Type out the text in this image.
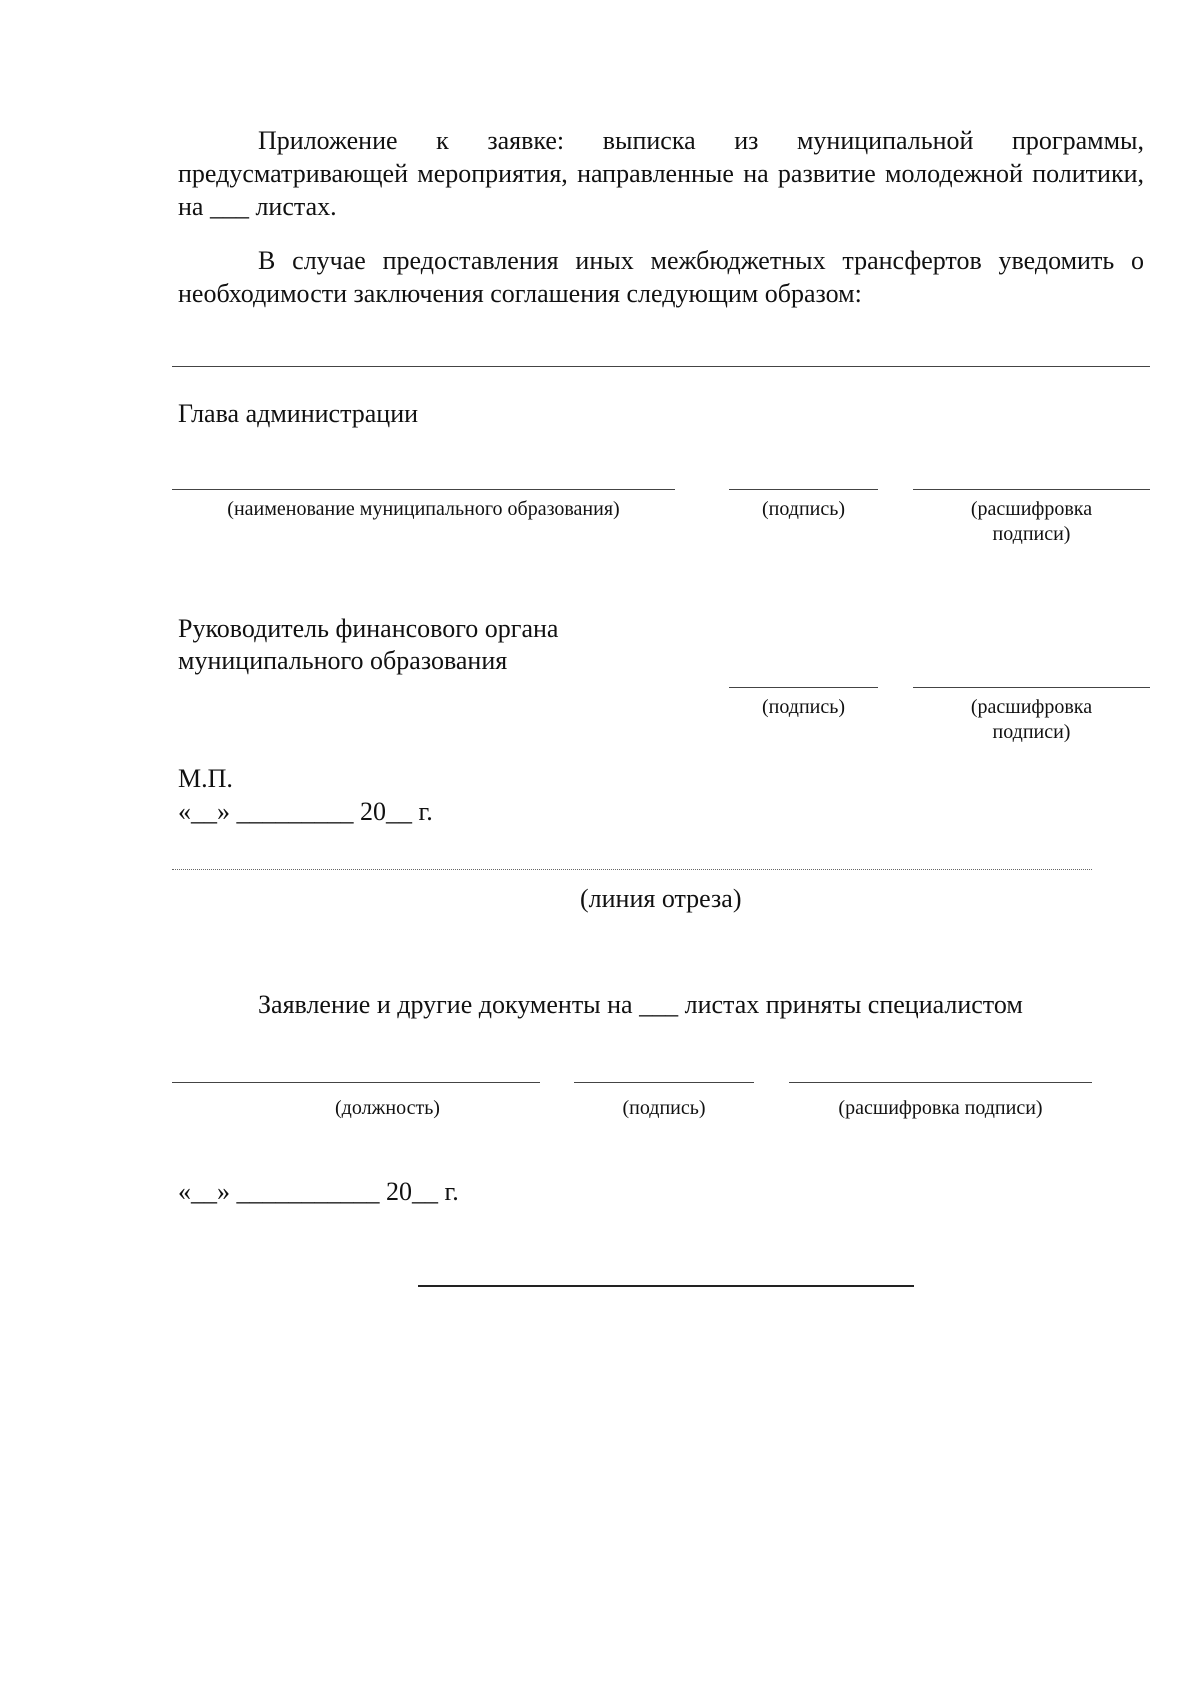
Приложение к заявке: выписка из муниципальной программы, предусматривающей мероприятия, направленные на развитие молодежной политики, на ___ листах.

В случае предоставления иных межбюджетных трансфертов уведомить о необходимости заключения соглашения следующим образом:

Глава администрации
(наименование муниципального образования)	(подпись)	(расшифровка подписи)
Руководитель финансового органа
муниципального образования
(подпись)	(расшифровка подписи)
М.П.
«__» _________ 20__ г.
(линия отреза)
Заявление и другие документы на ___ листах приняты специалистом
(должность)	(подпись)	(расшифровка подписи)
«__» ___________ 20__ г.
